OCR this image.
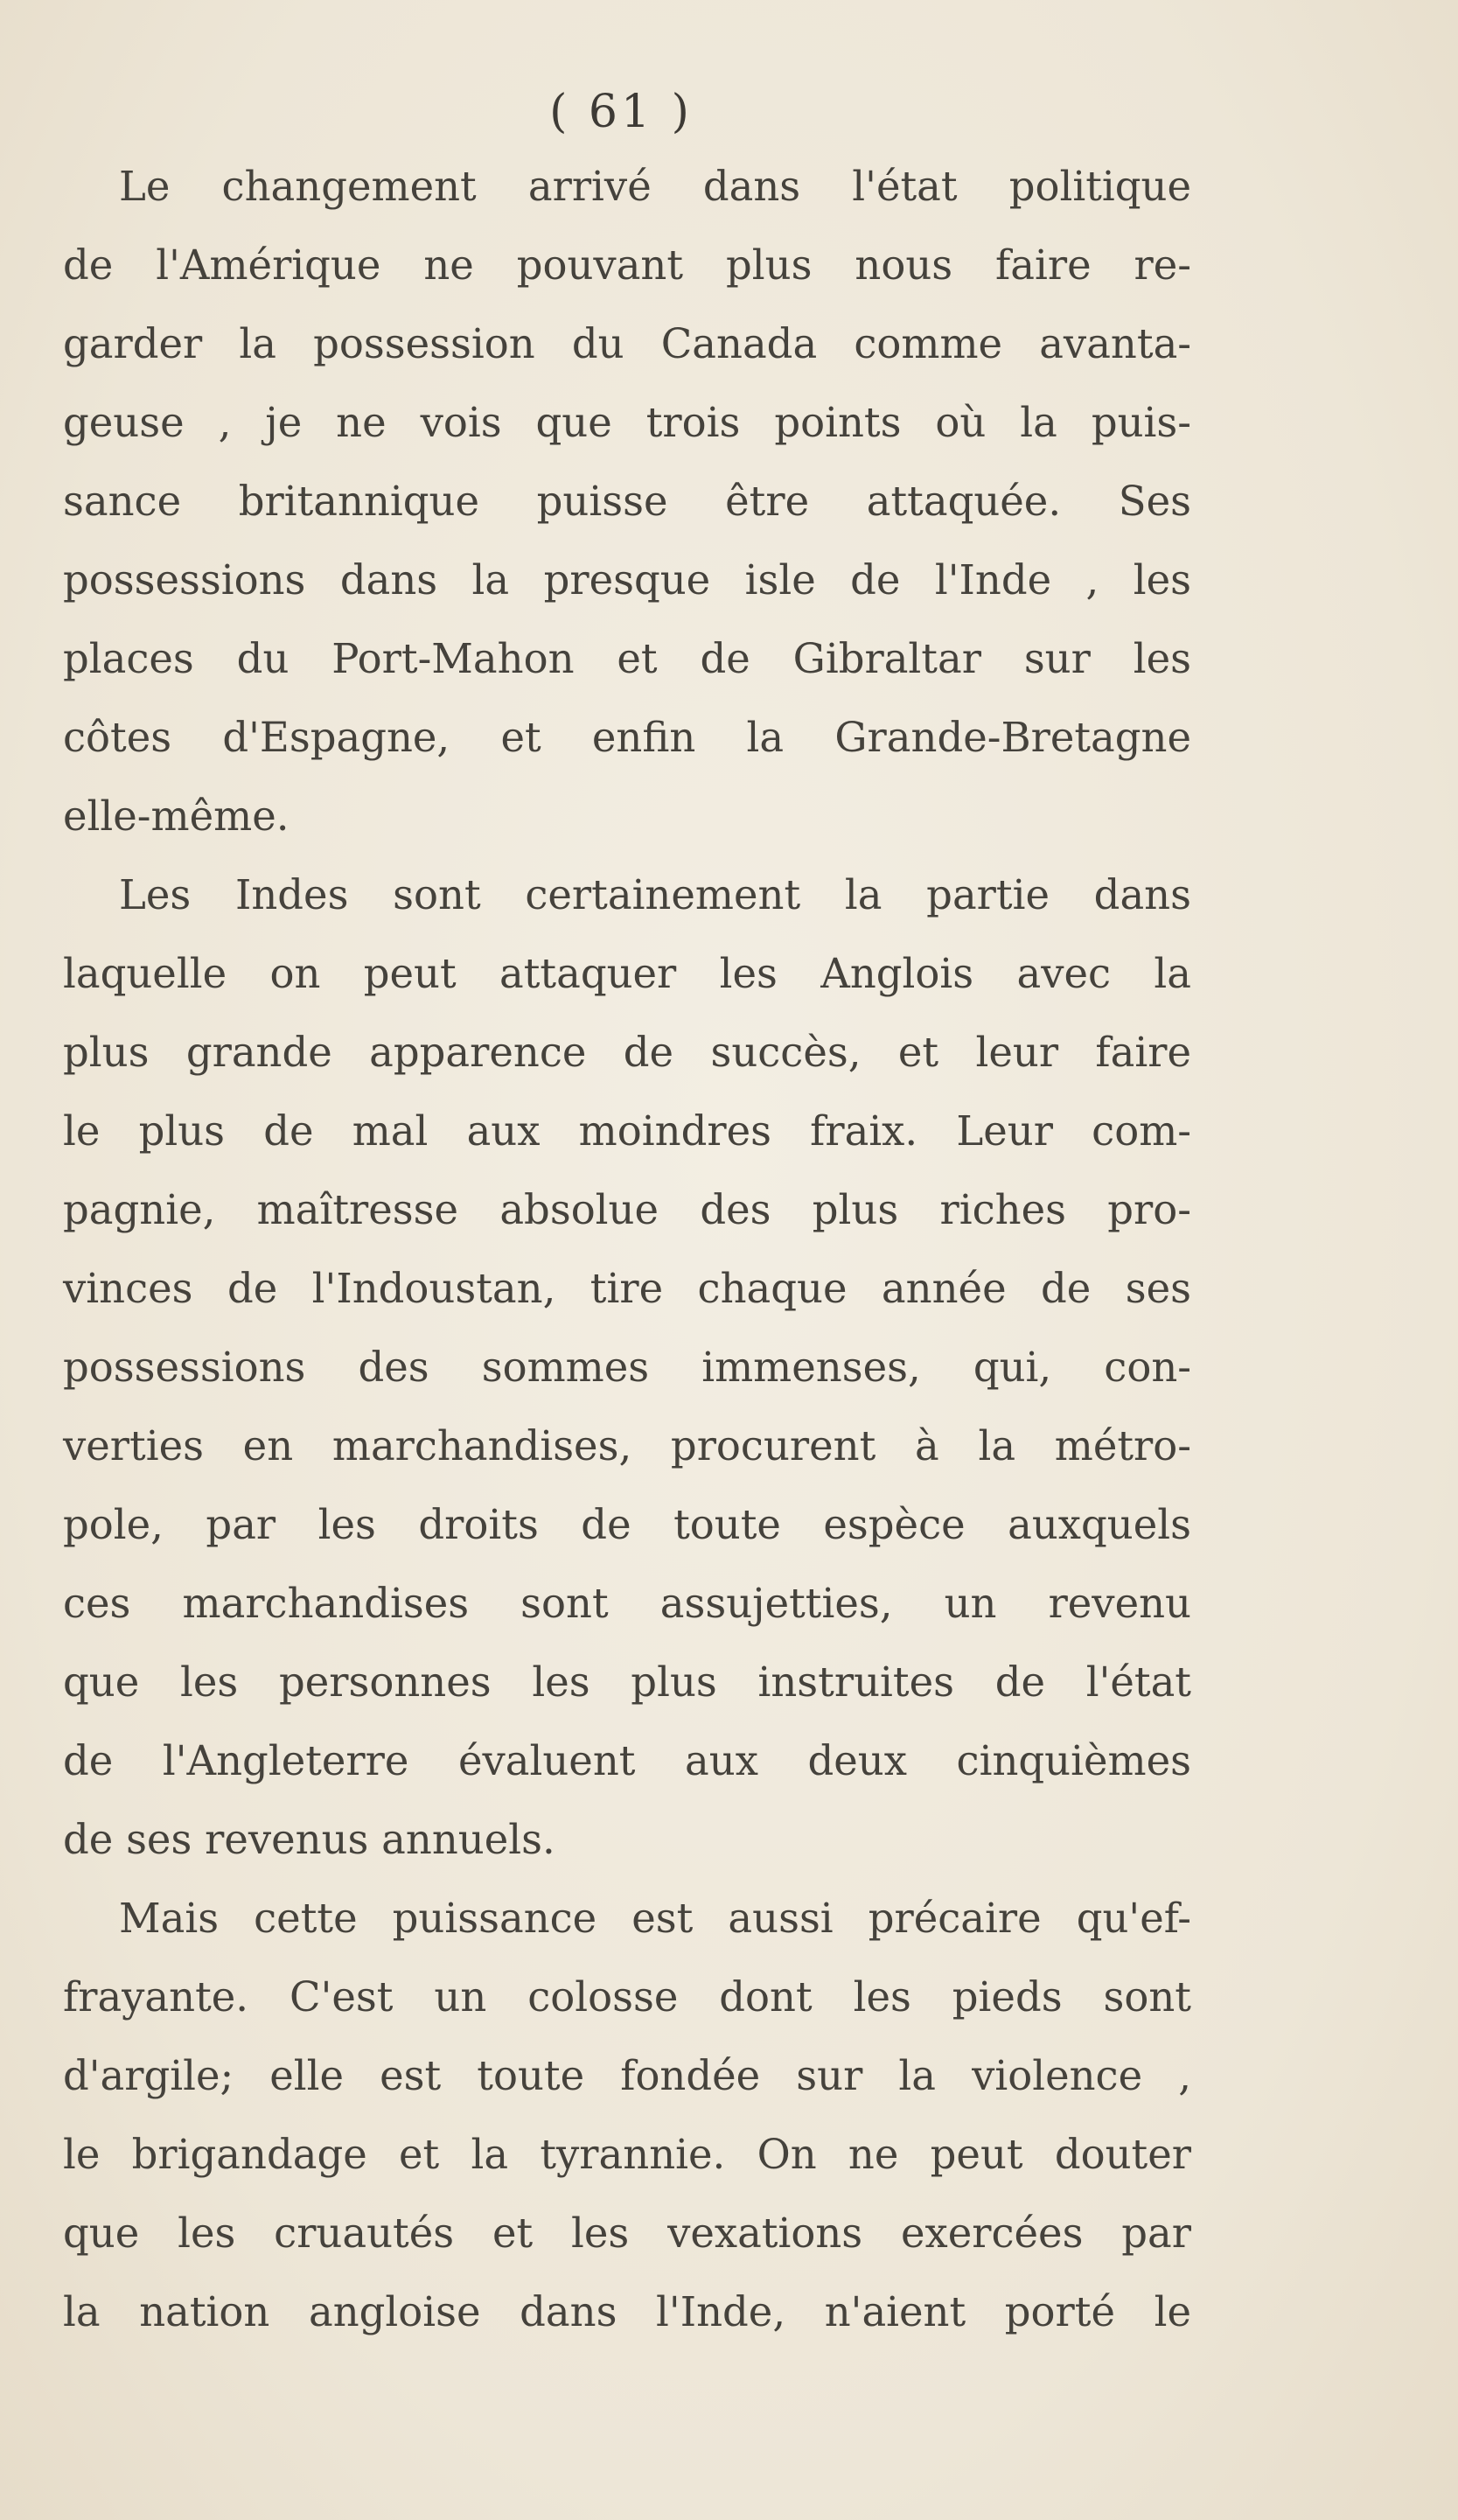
( 61 )
Le changement arrivé dans l'état politique
de l'Amérique ne pouvant plus nous faire re-
garder la possession du Canada comme avanta-
geuse , je ne vois que trois points où la puis-
sance britannique puisse être attaquée. Ses
possessions dans la presque isle de l'Inde , les
places du Port-Mahon et de Gibraltar sur les
côtes d'Espagne, et enfin la Grande-Bretagne
elle-même.
Les Indes sont certainement la partie dans
laquelle on peut attaquer les Anglois avec la
plus grande apparence de succès, et leur faire
le plus de mal aux moindres fraix. Leur com-
pagnie, maîtresse absolue des plus riches pro-
vinces de l'Indoustan, tire chaque année de ses
possessions des sommes immenses, qui, con-
verties en marchandises, procurent à la métro-
pole, par les droits de toute espèce auxquels
ces marchandises sont assujetties, un revenu
que les personnes les plus instruites de l'état
de l'Angleterre évaluent aux deux cinquièmes
de ses revenus annuels.
Mais cette puissance est aussi précaire qu'ef-
frayante. C'est un colosse dont les pieds sont
d'argile; elle est toute fondée sur la violence ,
le brigandage et la tyrannie. On ne peut douter
que les cruautés et les vexations exercées par
la nation angloise dans l'Inde, n'aient porté le
